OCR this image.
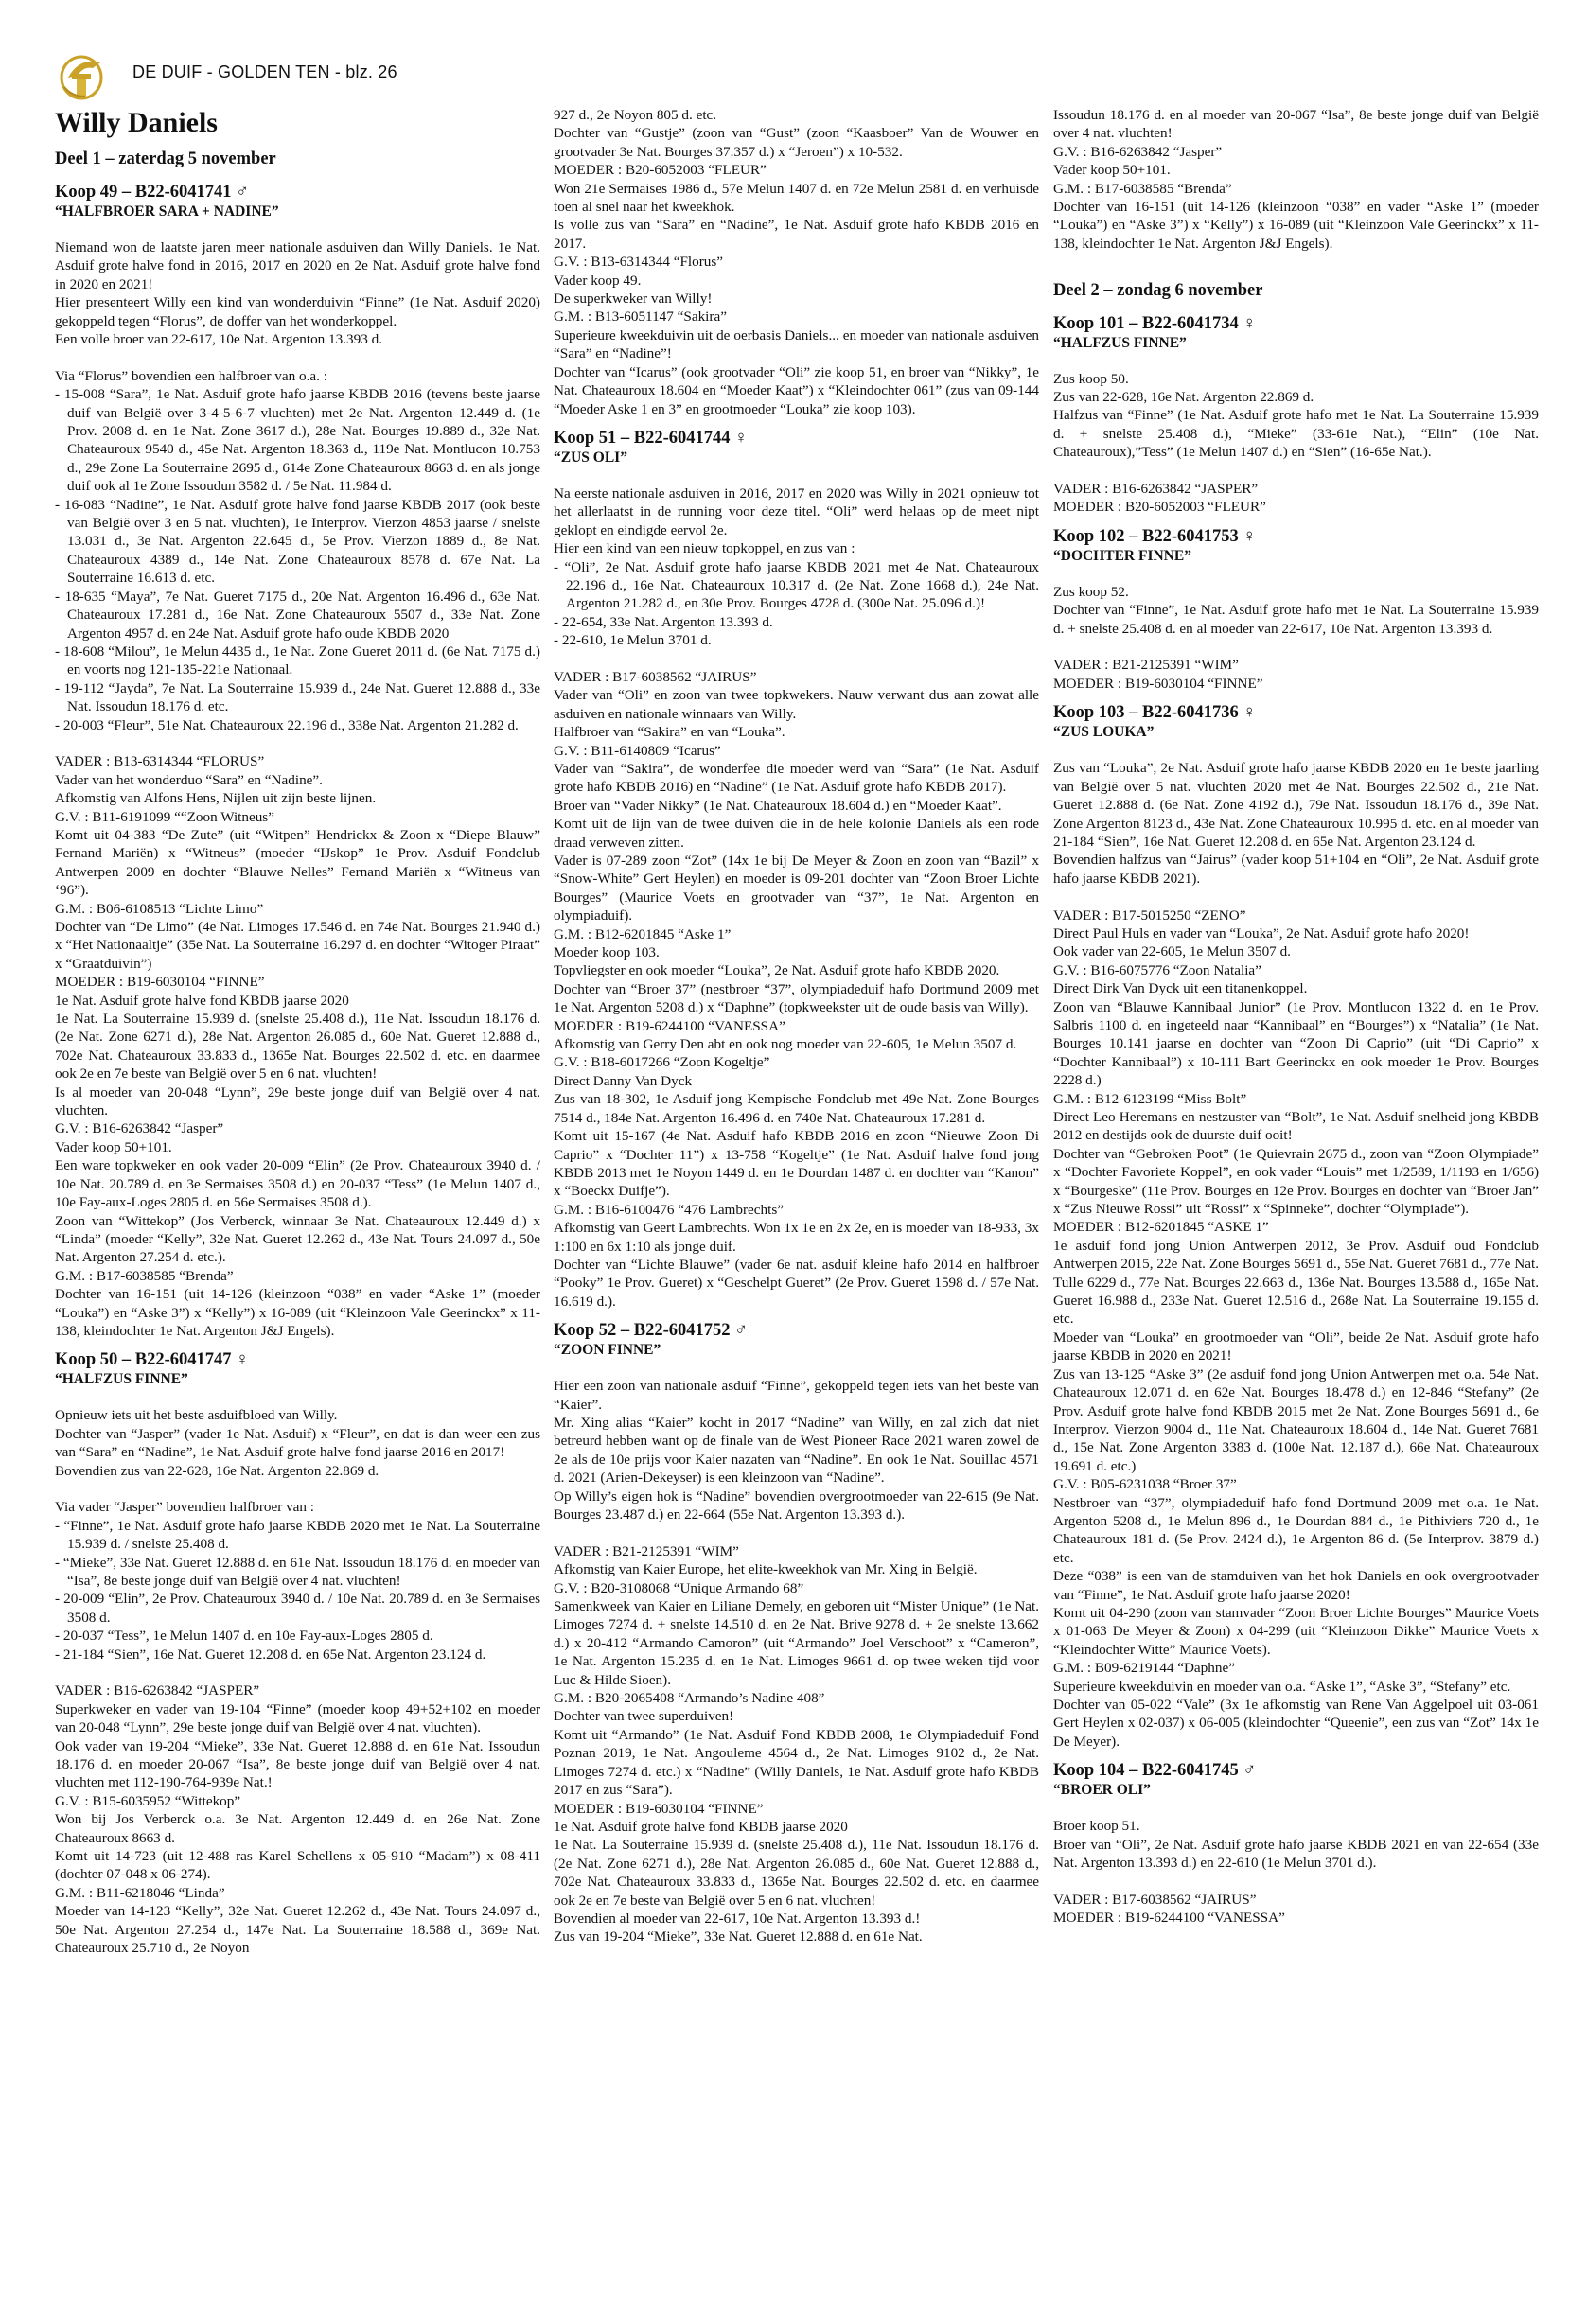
DE DUIF - GOLDEN TEN - blz. 26
Willy Daniels
Deel 1 – zaterdag 5 november
Koop 49 – B22-6041741 ♂
“HALFBROER SARA + NADINE”

Niemand won de laatste jaren meer nationale asduiven dan Willy Daniels. 1e Nat. Asduif grote halve fond in 2016, 2017 en 2020 en 2e Nat. Asduif grote halve fond in 2020 en 2021!

Hier presenteert Willy een kind van wonderduivin “Finne” (1e Nat. Asduif 2020) gekoppeld tegen “Florus”, de doffer van het wonderkoppel.

Een volle broer van 22-617, 10e Nat. Argenton 13.393 d.

Via “Florus” bovendien een halfbroer van o.a. :

- 15-008 “Sara”, 1e Nat. Asduif grote hafo jaarse KBDB 2016 (tevens beste jaarse duif van België over 3-4-5-6-7 vluchten) met 2e Nat. Argenton 12.449 d. (1e Prov. 2008 d. en 1e Nat. Zone 3617 d.), 28e Nat. Bourges 19.889 d., 32e Nat. Chateauroux 9540 d., 45e Nat. Argenton 18.363 d., 119e Nat. Montlucon 10.753 d., 29e Zone La Souterraine 2695 d., 614e Zone Chateauroux 8663 d. en als jonge duif ook al 1e Zone Issoudun 3582 d. / 5e Nat. 11.984 d.

- 16-083 “Nadine”, 1e Nat. Asduif grote halve fond jaarse KBDB 2017 (ook beste van België over 3 en 5 nat. vluchten), 1e Interprov. Vierzon 4853 jaarse / snelste 13.031 d., 3e Nat. Argenton 22.645 d., 5e Prov. Vierzon 1889 d., 8e Nat. Chateauroux 4389 d., 14e Nat. Zone Chateauroux 8578 d. 67e Nat. La Souterraine 16.613 d. etc.

- 18-635 “Maya”, 7e Nat. Gueret 7175 d., 20e Nat. Argenton 16.496 d., 63e Nat. Chateauroux 17.281 d., 16e Nat. Zone Chateauroux 5507 d., 33e Nat. Zone Argenton 4957 d. en 24e Nat. Asduif grote hafo oude KBDB 2020

- 18-608 “Milou”, 1e Melun 4435 d., 1e Nat. Zone Gueret 2011 d. (6e Nat. 7175 d.) en voorts nog 121-135-221e Nationaal.

- 19-112 “Jayda”, 7e Nat. La Souterraine 15.939 d., 24e Nat. Gueret 12.888 d., 33e Nat. Issoudun 18.176 d. etc.

- 20-003 “Fleur”, 51e Nat. Chateauroux 22.196 d., 338e Nat. Argenton 21.282 d.

VADER : B13-6314344 “FLORUS”

Vader van het wonderduo “Sara” en “Nadine”.

Afkomstig van Alfons Hens, Nijlen uit zijn beste lijnen.

G.V. : B11-6191099 ““Zoon Witneus”

Komt uit 04-383 “De Zute” (uit “Witpen” Hendrickx & Zoon x “Diepe Blauw” Fernand Mariën) x “Witneus” (moeder “IJskop” 1e Prov. Asduif Fondclub Antwerpen 2009 en dochter “Blauwe Nelles” Fernand Mariën x “Witneus van ‘96”).

G.M. : B06-6108513 “Lichte Limo”

Dochter van “De Limo” (4e Nat. Limoges 17.546 d. en 74e Nat. Bourges 21.940 d.) x “Het Nationaaltje” (35e Nat. La Souterraine 16.297 d. en dochter “Witoger Piraat” x “Graatduivin”)

MOEDER : B19-6030104 “FINNE”

1e Nat. Asduif grote halve fond KBDB jaarse 2020

1e Nat. La Souterraine 15.939 d. (snelste 25.408 d.), 11e Nat. Issoudun 18.176 d. (2e Nat. Zone 6271 d.), 28e Nat. Argenton 26.085 d., 60e Nat. Gueret 12.888 d., 702e Nat. Chateauroux 33.833 d., 1365e Nat. Bourges 22.502 d. etc. en daarmee ook 2e en 7e beste van België over 5 en 6 nat. vluchten!

Is al moeder van 20-048 “Lynn”, 29e beste jonge duif van België over 4 nat. vluchten.

G.V. : B16-6263842 “Jasper”

Vader koop 50+101.

Een ware topkweker en ook vader 20-009 “Elin” (2e Prov. Chateauroux 3940 d. / 10e Nat. 20.789 d. en 3e Sermaises 3508 d.) en 20-037 “Tess” (1e Melun 1407 d., 10e Fay-aux-Loges 2805 d. en 56e Sermaises 3508 d.).

Zoon van “Wittekop” (Jos Verberck, winnaar 3e Nat. Chateauroux 12.449 d.) x “Linda” (moeder “Kelly”, 32e Nat. Gueret 12.262 d., 43e Nat. Tours 24.097 d., 50e Nat. Argenton 27.254 d. etc.).

G.M. : B17-6038585 “Brenda”

Dochter van 16-151 (uit 14-126 (kleinzoon “038” en vader “Aske 1” (moeder “Louka”) en “Aske 3”) x “Kelly”) x 16-089 (uit “Kleinzoon Vale Geerinckx” x 11-138, kleindochter 1e Nat. Argenton J&J Engels).

Koop 50 – B22-6041747 ♀
“HALFZUS FINNE”

Opnieuw iets uit het beste asduifbloed van Willy.

Dochter van “Jasper” (vader 1e Nat. Asduif) x “Fleur”, en dat is dan weer een zus van “Sara” en “Nadine”, 1e Nat. Asduif grote halve fond jaarse 2016 en 2017!

Bovendien zus van 22-628, 16e Nat. Argenton 22.869 d.

Via vader “Jasper” bovendien halfbroer van :

- “Finne”, 1e Nat. Asduif grote hafo jaarse KBDB 2020 met 1e Nat. La Souterraine 15.939 d. / snelste 25.408 d.

- “Mieke”, 33e Nat. Gueret 12.888 d. en 61e Nat. Issoudun 18.176 d. en moeder van “Isa”, 8e beste jonge duif van België over 4 nat. vluchten!

- 20-009 “Elin”, 2e Prov. Chateauroux 3940 d. / 10e Nat. 20.789 d. en 3e Sermaises 3508 d.

- 20-037 “Tess”, 1e Melun 1407 d. en 10e Fay-aux-Loges 2805 d.

- 21-184 “Sien”, 16e Nat. Gueret 12.208 d. en 65e Nat. Argenton 23.124 d.

VADER : B16-6263842 “JASPER”

Superkweker en vader van 19-104 “Finne” (moeder koop 49+52+102 en moeder van 20-048 “Lynn”, 29e beste jonge duif van België over 4 nat. vluchten).

Ook vader van 19-204 “Mieke”, 33e Nat. Gueret 12.888 d. en 61e Nat. Issoudun 18.176 d. en moeder 20-067 “Isa”, 8e beste jonge duif van België over 4 nat. vluchten met 112-190-764-939e Nat.!

G.V. : B15-6035952 “Wittekop”

Won bij Jos Verberck o.a. 3e Nat. Argenton 12.449 d. en 26e Nat. Zone Chateauroux 8663 d.

Komt uit 14-723 (uit 12-488 ras Karel Schellens x 05-910 “Madam”) x 08-411 (dochter 07-048 x 06-274).

G.M. : B11-6218046 “Linda”

Moeder van 14-123 “Kelly”, 32e Nat. Gueret 12.262 d., 43e Nat. Tours 24.097 d., 50e Nat. Argenton 27.254 d., 147e Nat. La Souterraine 18.588 d., 369e Nat. Chateauroux 25.710 d., 2e Noyon

927 d., 2e Noyon 805 d. etc.

Dochter van “Gustje” (zoon van “Gust” (zoon “Kaasboer” Van de Wouwer en grootvader 3e Nat. Bourges 37.357 d.) x “Jeroen”) x 10-532.

MOEDER : B20-6052003 “FLEUR”

Won 21e Sermaises 1986 d., 57e Melun 1407 d. en 72e Melun 2581 d. en verhuisde toen al snel naar het kweekhok.

Is volle zus van “Sara” en “Nadine”, 1e Nat. Asduif grote hafo KBDB 2016 en 2017.

G.V. : B13-6314344 “Florus”

Vader koop 49.

De superkweker van Willy!

G.M. : B13-6051147 “Sakira”

Superieure kweekduivin uit de oerbasis Daniels... en moeder van nationale asduiven “Sara” en “Nadine”!

Dochter van “Icarus” (ook grootvader “Oli” zie koop 51, en broer van “Nikky”, 1e Nat. Chateauroux 18.604 en “Moeder Kaat”) x “Kleindochter 061” (zus van 09-144 “Moeder Aske 1 en 3” en grootmoeder “Louka” zie koop 103).

Koop 51 – B22-6041744 ♀
“ZUS OLI”

Na eerste nationale asduiven in 2016, 2017 en 2020 was Willy in 2021 opnieuw tot het allerlaatst in de running voor deze titel. “Oli” werd helaas op de meet nipt geklopt en eindigde eervol 2e.

Hier een kind van een nieuw topkoppel, en zus van :

- “Oli”, 2e Nat. Asduif grote hafo jaarse KBDB 2021 met 4e Nat. Chateauroux 22.196 d., 16e Nat. Chateauroux 10.317 d. (2e Nat. Zone 1668 d.), 24e Nat. Argenton 21.282 d., en 30e Prov. Bourges 4728 d. (300e Nat. 25.096 d.)!

- 22-654, 33e Nat. Argenton 13.393 d.

- 22-610, 1e Melun 3701 d.

VADER : B17-6038562 “JAIRUS”

Vader van “Oli” en zoon van twee topkwekers. Nauw verwant dus aan zowat alle asduiven en nationale winnaars van Willy.

Halfbroer van “Sakira” en van “Louka”.

G.V. : B11-6140809 “Icarus”

Vader van “Sakira”, de wonderfee die moeder werd van “Sara” (1e Nat. Asduif grote hafo KBDB 2016) en “Nadine” (1e Nat. Asduif grote hafo KBDB 2017).

Broer van “Vader Nikky” (1e Nat. Chateauroux 18.604 d.) en “Moeder Kaat”.

Komt uit de lijn van de twee duiven die in de hele kolonie Daniels als een rode draad verweven zitten.

Vader is 07-289 zoon “Zot” (14x 1e bij De Meyer & Zoon en zoon van “Bazil” x “Snow-White” Gert Heylen) en moeder is 09-201 dochter van “Zoon Broer Lichte Bourges” (Maurice Voets en grootvader van “37”, 1e Nat. Argenton en olympiaduif).

G.M. : B12-6201845 “Aske 1”

Moeder koop 103.

Topvliegster en ook moeder “Louka”, 2e Nat. Asduif grote hafo KBDB 2020.

Dochter van “Broer 37” (nestbroer “37”, olympiadeduif hafo Dortmund 2009 met 1e Nat. Argenton 5208 d.) x “Daphne” (topkweekster uit de oude basis van Willy).

MOEDER : B19-6244100 “VANESSA”

Afkomstig van Gerry Den abt en ook nog moeder van 22-605, 1e Melun 3507 d.

G.V. : B18-6017266 “Zoon Kogeltje”

Direct Danny Van Dyck

Zus van 18-302, 1e Asduif jong Kempische Fondclub met 49e Nat. Zone Bourges 7514 d., 184e Nat. Argenton 16.496 d. en 740e Nat. Chateauroux 17.281 d.

Komt uit 15-167 (4e Nat. Asduif hafo KBDB 2016 en zoon “Nieuwe Zoon Di Caprio” x “Dochter 11”) x 13-758 “Kogeltje” (1e Nat. Asduif halve fond jong KBDB 2013 met 1e Noyon 1449 d. en 1e Dourdan 1487 d. en dochter van “Kanon” x “Boeckx Duifje”).

G.M. : B16-6100476 “476 Lambrechts”

Afkomstig van Geert Lambrechts. Won 1x 1e en 2x 2e, en is moeder van 18-933, 3x 1:100 en 6x 1:10 als jonge duif.

Dochter van “Lichte Blauwe” (vader 6e nat. asduif kleine hafo 2014 en halfbroer “Pooky” 1e Prov. Gueret) x “Geschelpt Gueret” (2e Prov. Gueret 1598 d. / 57e Nat. 16.619 d.).

Koop 52 – B22-6041752 ♂
“ZOON FINNE”

Hier een zoon van nationale asduif “Finne”, gekoppeld tegen iets van het beste van “Kaier”.

Mr. Xing alias “Kaier” kocht in 2017 “Nadine” van Willy, en zal zich dat niet betreurd hebben want op de finale van de West Pioneer Race 2021 waren zowel de 2e als de 10e prijs voor Kaier nazaten van “Nadine”. En ook 1e Nat. Souillac 4571 d. 2021 (Arien-Dekeyser) is een kleinzoon van “Nadine”.

Op Willy’s eigen hok is “Nadine” bovendien overgrootmoeder van 22-615 (9e Nat. Bourges 23.487 d.) en 22-664 (55e Nat. Argenton 13.393 d.).

VADER : B21-2125391 “WIM”

Afkomstig van Kaier Europe, het elite-kweekhok van Mr. Xing in België.

G.V. : B20-3108068 “Unique Armando 68”

Samenkweek van Kaier en Liliane Demely, en geboren uit “Mister Unique” (1e Nat. Limoges 7274 d. + snelste 14.510 d. en 2e Nat. Brive 9278 d. + 2e snelste 13.662 d.) x 20-412 “Armando Camoron” (uit “Armando” Joel Verschoot” x “Cameron”, 1e Nat. Argenton 15.235 d. en 1e Nat. Limoges 9661 d. op twee weken tijd voor Luc & Hilde Sioen).

G.M. : B20-2065408 “Armando’s Nadine 408”

Dochter van twee superduiven!

Komt uit “Armando” (1e Nat. Asduif Fond KBDB 2008, 1e Olympiadeduif Fond Poznan 2019, 1e Nat. Angouleme 4564 d., 2e Nat. Limoges 9102 d., 2e Nat. Limoges 7274 d. etc.) x “Nadine” (Willy Daniels, 1e Nat. Asduif grote hafo KBDB 2017 en zus “Sara”).

MOEDER : B19-6030104 “FINNE”

1e Nat. Asduif grote halve fond KBDB jaarse 2020

1e Nat. La Souterraine 15.939 d. (snelste 25.408 d.), 11e Nat. Issoudun 18.176 d. (2e Nat. Zone 6271 d.), 28e Nat. Argenton 26.085 d., 60e Nat. Gueret 12.888 d., 702e Nat. Chateauroux 33.833 d., 1365e Nat. Bourges 22.502 d. etc. en daarmee ook 2e en 7e beste van België over 5 en 6 nat. vluchten!

Bovendien al moeder van 22-617, 10e Nat. Argenton 13.393 d.!

Zus van 19-204 “Mieke”, 33e Nat. Gueret 12.888 d. en 61e Nat.

Issoudun 18.176 d. en al moeder van 20-067 “Isa”, 8e beste jonge duif van België over 4 nat. vluchten!

G.V. : B16-6263842 “Jasper”

Vader koop 50+101.

G.M. : B17-6038585 “Brenda”

Dochter van 16-151 (uit 14-126 (kleinzoon “038” en vader “Aske 1” (moeder “Louka”) en “Aske 3”) x “Kelly”) x 16-089 (uit “Kleinzoon Vale Geerinckx” x 11-138, kleindochter 1e Nat. Argenton J&J Engels).

Deel 2 – zondag 6 november
Koop 101 – B22-6041734 ♀
“HALFZUS FINNE”

Zus koop 50.

Zus van 22-628, 16e Nat. Argenton 22.869 d.

Halfzus van “Finne” (1e Nat. Asduif grote hafo met 1e Nat. La Souterraine 15.939 d. + snelste 25.408 d.), “Mieke” (33-61e Nat.), “Elin” (10e Nat. Chateauroux),”Tess” (1e Melun 1407 d.) en “Sien” (16-65e Nat.).

VADER : B16-6263842 “JASPER”

MOEDER : B20-6052003 “FLEUR”

Koop 102 – B22-6041753 ♀
“DOCHTER FINNE”

Zus koop 52.

Dochter van “Finne”, 1e Nat. Asduif grote hafo met 1e Nat. La Souterraine 15.939 d. + snelste 25.408 d. en al moeder van 22-617, 10e Nat. Argenton 13.393 d.

VADER : B21-2125391 “WIM”

MOEDER : B19-6030104 “FINNE”

Koop 103 – B22-6041736 ♀
“ZUS LOUKA”

Zus van “Louka”, 2e Nat. Asduif grote hafo jaarse KBDB 2020 en 1e beste jaarling van België over 5 nat. vluchten 2020 met 4e Nat. Bourges 22.502 d., 21e Nat. Gueret 12.888 d. (6e Nat. Zone 4192 d.), 79e Nat. Issoudun 18.176 d., 39e Nat. Zone Argenton 8123 d., 43e Nat. Zone Chateauroux 10.995 d. etc. en al moeder van 21-184 “Sien”, 16e Nat. Gueret 12.208 d. en 65e Nat. Argenton 23.124 d.

Bovendien halfzus van “Jairus” (vader koop 51+104 en “Oli”, 2e Nat. Asduif grote hafo jaarse KBDB 2021).

VADER : B17-5015250 “ZENO”

Direct Paul Huls en vader van “Louka”, 2e Nat. Asduif grote hafo 2020!

Ook vader van 22-605, 1e Melun 3507 d.

G.V. : B16-6075776 “Zoon Natalia”

Direct Dirk Van Dyck uit een titanenkoppel.

Zoon van “Blauwe Kannibaal Junior” (1e Prov. Montlucon 1322 d. en 1e Prov. Salbris 1100 d. en ingeteeld naar “Kannibaal” en “Bourges”) x “Natalia” (1e Nat. Bourges 10.141 jaarse en dochter van “Zoon Di Caprio” (uit “Di Caprio” x “Dochter Kannibaal”) x 10-111 Bart Geerinckx en ook moeder 1e Prov. Bourges 2228 d.)

G.M. : B12-6123199 “Miss Bolt”

Direct Leo Heremans en nestzuster van “Bolt”, 1e Nat. Asduif snelheid jong KBDB 2012 en destijds ook de duurste duif ooit!

Dochter van “Gebroken Poot” (1e Quievrain 2675 d., zoon van “Zoon Olympiade” x “Dochter Favoriete Koppel”, en ook vader “Louis” met 1/2589, 1/1193 en 1/656) x “Bourgeske” (11e Prov. Bourges en 12e Prov. Bourges en dochter van “Broer Jan” x “Zus Nieuwe Rossi” uit “Rossi” x “Spinneke”, dochter “Olympiade”).

MOEDER : B12-6201845 “ASKE 1”

1e asduif fond jong Union Antwerpen 2012, 3e Prov. Asduif oud Fondclub Antwerpen 2015, 22e Nat. Zone Bourges 5691 d., 55e Nat. Gueret 7681 d., 77e Nat. Tulle 6229 d., 77e Nat. Bourges 22.663 d., 136e Nat. Bourges 13.588 d., 165e Nat. Gueret 16.988 d., 233e Nat. Gueret 12.516 d., 268e Nat. La Souterraine 19.155 d. etc.

Moeder van “Louka” en grootmoeder van “Oli”, beide 2e Nat. Asduif grote hafo jaarse KBDB in 2020 en 2021!

Zus van 13-125 “Aske 3” (2e asduif fond jong Union Antwerpen met o.a. 54e Nat. Chateauroux 12.071 d. en 62e Nat. Bourges 18.478 d.) en 12-846 “Stefany” (2e Prov. Asduif grote halve fond KBDB 2015 met 2e Nat. Zone Bourges 5691 d., 6e Interprov. Vierzon 9004 d., 11e Nat. Chateauroux 18.604 d., 14e Nat. Gueret 7681 d., 15e Nat. Zone Argenton 3383 d. (100e Nat. 12.187 d.), 66e Nat. Chateauroux 19.691 d. etc.)

G.V. : B05-6231038 “Broer 37”

Nestbroer van “37”, olympiadeduif hafo fond Dortmund 2009 met o.a. 1e Nat. Argenton 5208 d., 1e Melun 896 d., 1e Dourdan 884 d., 1e Pithiviers 720 d., 1e Chateauroux 181 d. (5e Prov. 2424 d.), 1e Argenton 86 d. (5e Interprov. 3879 d.) etc.

Deze “038” is een van de stamduiven van het hok Daniels en ook overgrootvader van “Finne”, 1e Nat. Asduif grote hafo jaarse 2020!

Komt uit 04-290 (zoon van stamvader “Zoon Broer Lichte Bourges” Maurice Voets x 01-063 De Meyer & Zoon) x 04-299 (uit “Kleinzoon Dikke” Maurice Voets x “Kleindochter Witte” Maurice Voets).

G.M. : B09-6219144 “Daphne”

Superieure kweekduivin en moeder van o.a. “Aske 1”, “Aske 3”, “Stefany” etc.

Dochter van 05-022 “Vale” (3x 1e afkomstig van Rene Van Aggelpoel uit 03-061 Gert Heylen x 02-037) x 06-005 (kleindochter “Queenie”, een zus van “Zot” 14x 1e De Meyer).

Koop 104 – B22-6041745 ♂
“BROER OLI”

Broer koop 51.

Broer van “Oli”, 2e Nat. Asduif grote hafo jaarse KBDB 2021 en van 22-654 (33e Nat. Argenton 13.393 d.) en 22-610 (1e Melun 3701 d.).

VADER : B17-6038562 “JAIRUS”

MOEDER : B19-6244100 “VANESSA”
